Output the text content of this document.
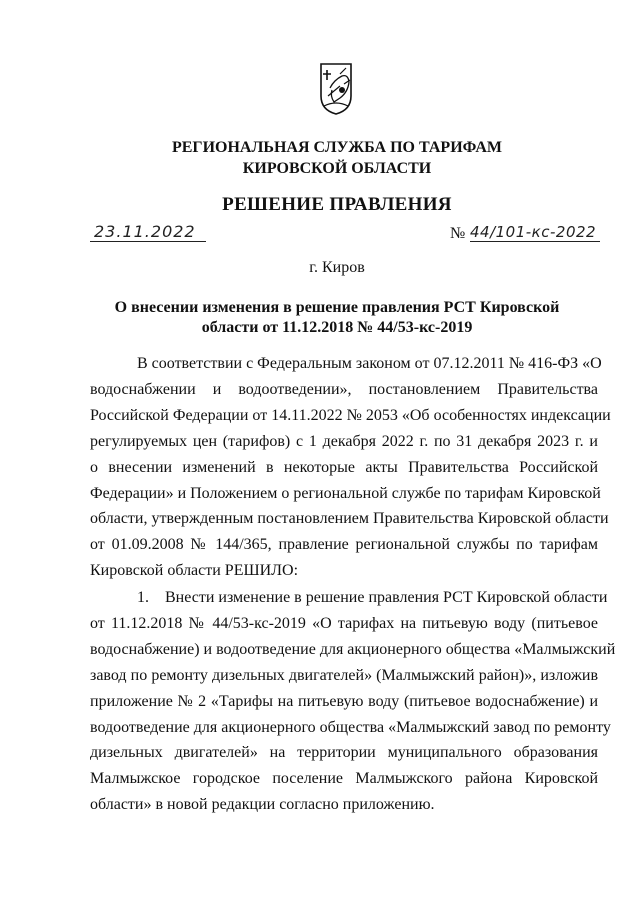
РЕГИОНАЛЬНАЯ СЛУЖБА ПО ТАРИФАМ
КИРОВСКОЙ ОБЛАСТИ
РЕШЕНИЕ ПРАВЛЕНИЯ
23.11.2022	№ 44/101-кс-2022
г. Киров
О внесении изменения в решение правления РСТ Кировской
области от 11.12.2018 № 44/53-кс-2019
В соответствии с Федеральным законом от 07.12.2011 № 416-ФЗ «О
водоснабжении и водоотведении», постановлением Правительства
Российской Федерации от 14.11.2022 № 2053 «Об особенностях индексации
регулируемых цен (тарифов) с 1 декабря 2022 г. по 31 декабря 2023 г. и
о внесении изменений в некоторые акты Правительства Российской
Федерации» и Положением о региональной службе по тарифам Кировской
области, утвержденным постановлением Правительства Кировской области
от 01.09.2008 № 144/365, правление региональной службы по тарифам
Кировской области РЕШИЛО:
1.    Внести изменение в решение правления РСТ Кировской области
от 11.12.2018 № 44/53-кс-2019 «О тарифах на питьевую воду (питьевое
водоснабжение) и водоотведение для акционерного общества «Малмыжский
завод по ремонту дизельных двигателей» (Малмыжский район)», изложив
приложение № 2 «Тарифы на питьевую воду (питьевое водоснабжение) и
водоотведение для акционерного общества «Малмыжский завод по ремонту
дизельных двигателей» на территории муниципального образования
Малмыжское городское поселение Малмыжского района Кировской
области» в новой редакции согласно приложению.
